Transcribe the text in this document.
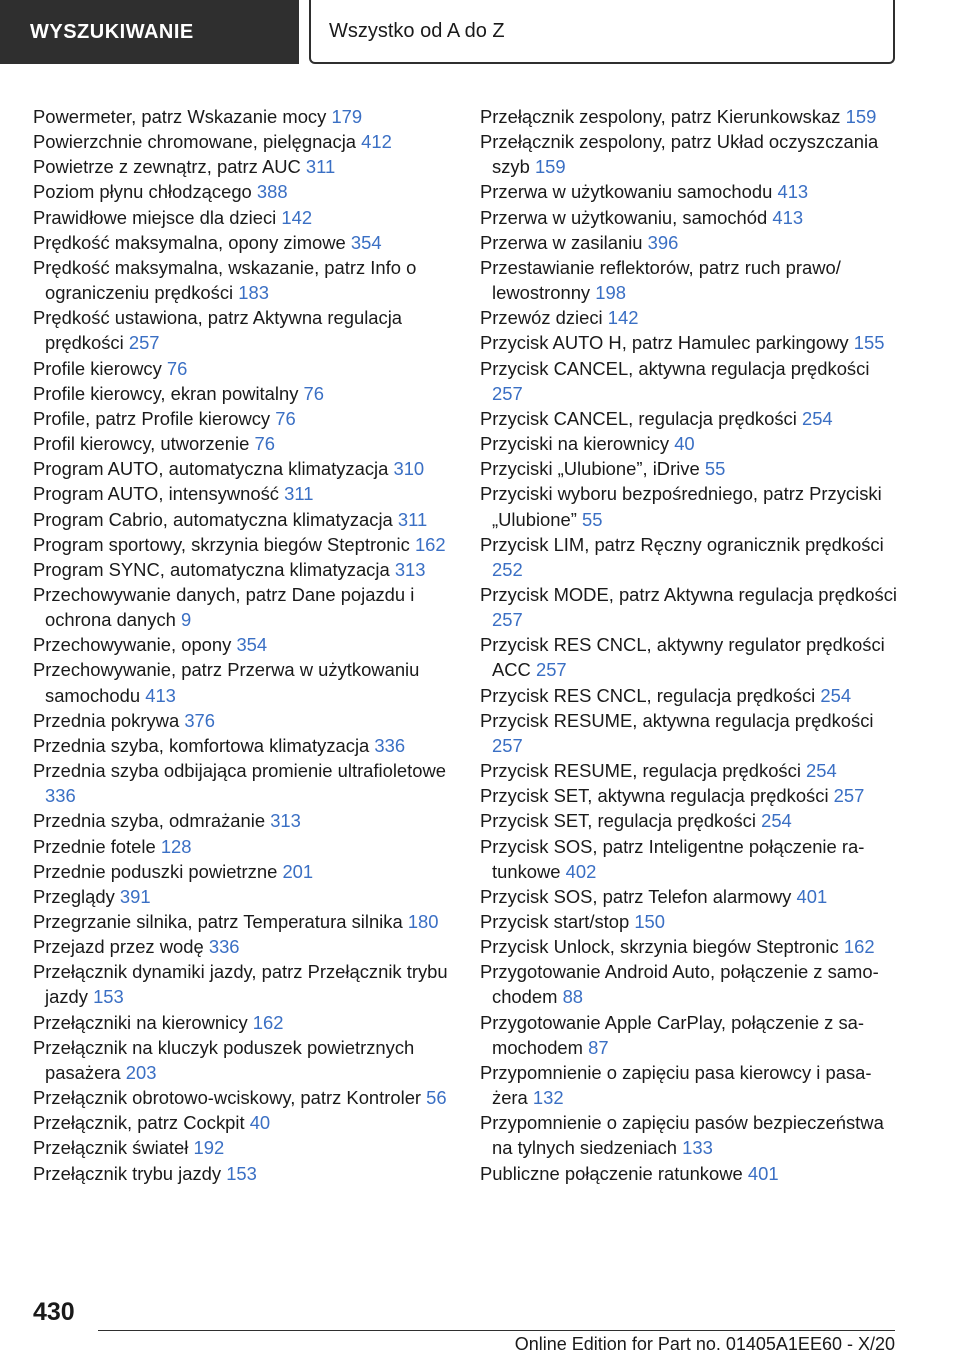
WYSZUKIWANIE	Wszystko od A do Z

Powermeter, patrz Wskazanie mocy 179

Powierzchnie chromowane, pielęgnacja 412

Powietrze z zewnątrz, patrz AUC 311

Poziom płynu chłodzącego 388

Prawidłowe miejsce dla dzieci 142

Prędkość maksymalna, opony zimowe 354

Prędkość maksymalna, wskazanie, patrz Info o ograniczeniu prędkości 183

Prędkość ustawiona, patrz Aktywna regulacja prędkości 257

Profile kierowcy 76

Profile kierowcy, ekran powitalny 76

Profile, patrz Profile kierowcy 76

Profil kierowcy, utworzenie 76

Program AUTO, automatyczna klimatyzacja 310

Program AUTO, intensywność 311

Program Cabrio, automatyczna klimatyzacja 311

Program sportowy, skrzynia biegów Steptronic 162

Program SYNC, automatyczna klimatyzacja 313

Przechowywanie danych, patrz Dane pojazdu i ochrona danych 9

Przechowywanie, opony 354

Przechowywanie, patrz Przerwa w użytkowaniu samochodu 413

Przednia pokrywa 376

Przednia szyba, komfortowa klimatyzacja 336

Przednia szyba odbijająca promienie ultrafioletowe 336

Przednia szyba, odmrażanie 313

Przednie fotele 128

Przednie poduszki powietrzne 201

Przeglądy 391

Przegrzanie silnika, patrz Temperatura silnika 180

Przejazd przez wodę 336

Przełącznik dynamiki jazdy, patrz Przełącznik trybu jazdy 153

Przełączniki na kierownicy 162

Przełącznik na kluczyk poduszek powietrznych pasażera 203

Przełącznik obrotowo-wciskowy, patrz Kontroler 56

Przełącznik, patrz Cockpit 40

Przełącznik świateł 192

Przełącznik trybu jazdy 153

Przełącznik zespolony, patrz Kierunkowskaz 159

Przełącznik zespolony, patrz Układ oczyszczania szyb 159

Przerwa w użytkowaniu samochodu 413

Przerwa w użytkowaniu, samochód 413

Przerwa w zasilaniu 396

Przestawianie reflektorów, patrz ruch prawo/ lewostronny 198

Przewóz dzieci 142

Przycisk AUTO H, patrz Hamulec parkingowy 155

Przycisk CANCEL, aktywna regulacja prędkości 257

Przycisk CANCEL, regulacja prędkości 254

Przyciski na kierownicy 40

Przyciski „Ulubione”, iDrive 55

Przyciski wyboru bezpośredniego, patrz Przyciski „Ulubione” 55

Przycisk LIM, patrz Ręczny ogranicznik prędkości 252

Przycisk MODE, patrz Aktywna regulacja prędkości 257

Przycisk RES CNCL, aktywny regulator prędkości ACC 257

Przycisk RES CNCL, regulacja prędkości 254

Przycisk RESUME, aktywna regulacja prędkości 257

Przycisk RESUME, regulacja prędkości 254

Przycisk SET, aktywna regulacja prędkości 257

Przycisk SET, regulacja prędkości 254

Przycisk SOS, patrz Inteligentne połączenie ratunkowe 402

Przycisk SOS, patrz Telefon alarmowy 401

Przycisk start/stop 150

Przycisk Unlock, skrzynia biegów Steptronic 162

Przygotowanie Android Auto, połączenie z samochodem 88

Przygotowanie Apple CarPlay, połączenie z samochodem 87

Przypomnienie o zapięciu pasa kierowcy i pasażera 132

Przypomnienie o zapięciu pasów bezpieczeństwa na tylnych siedzeniach 133

Publiczne połączenie ratunkowe 401

430
Online Edition for Part no. 01405A1EE60 - X/20
